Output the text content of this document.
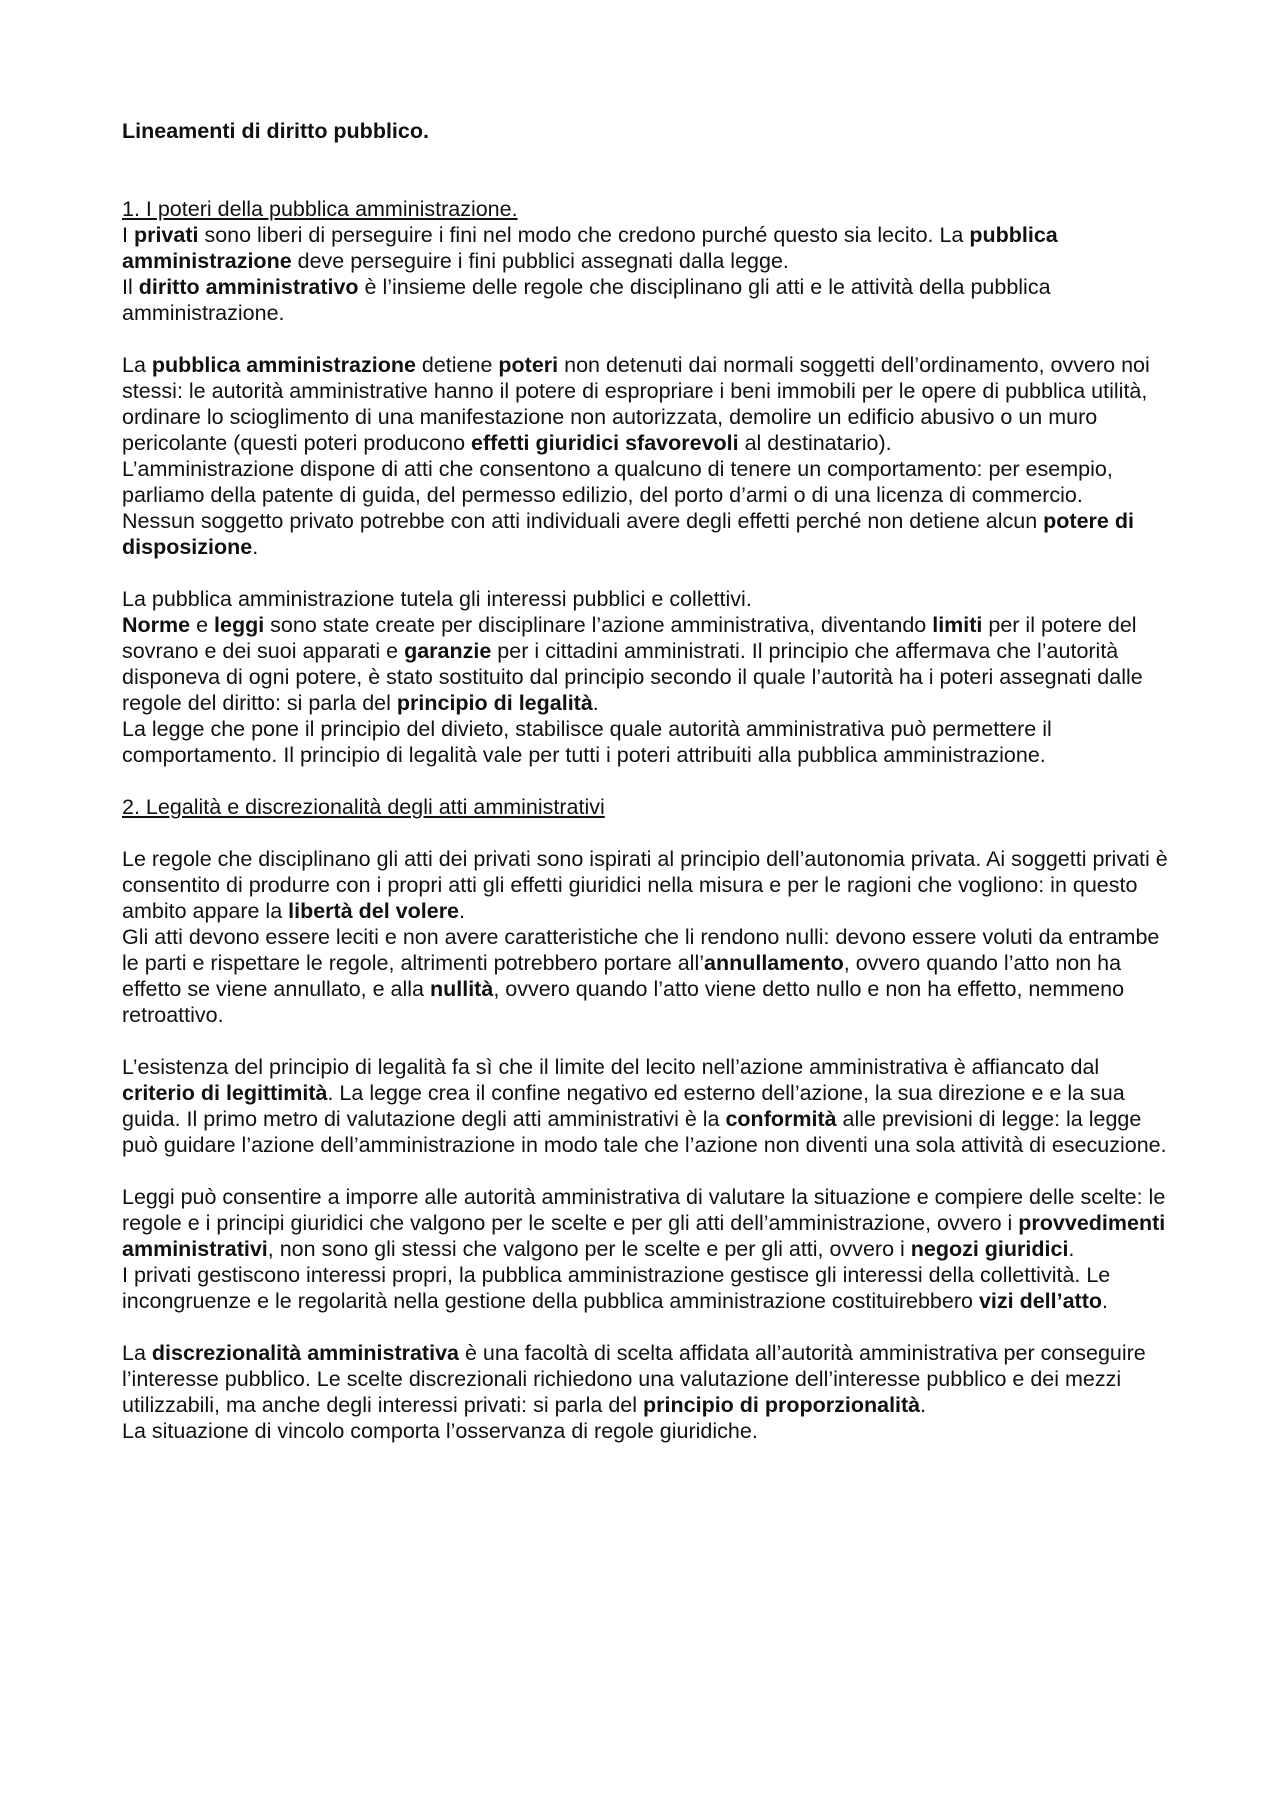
Lineamenti di diritto pubblico.
1. I poteri della pubblica amministrazione.

I privati sono liberi di perseguire i fini nel modo che credono purché questo sia lecito. La pubblica amministrazione deve perseguire i fini pubblici assegnati dalla legge.

Il diritto amministrativo è l’insieme delle regole che disciplinano gli atti e le attività della pubblica amministrazione.

La pubblica amministrazione detiene poteri non detenuti dai normali soggetti dell’ordinamento, ovvero noi stessi: le autorità amministrative hanno il potere di espropriare i beni immobili per le opere di pubblica utilità, ordinare lo scioglimento di una manifestazione non autorizzata, demolire un edificio abusivo o un muro pericolante (questi poteri producono effetti giuridici sfavorevoli al destinatario).

L’amministrazione dispone di atti che consentono a qualcuno di tenere un comportamento: per esempio, parliamo della patente di guida, del permesso edilizio, del porto d’armi o di una licenza di commercio.

Nessun soggetto privato potrebbe con atti individuali avere degli effetti perché non detiene alcun potere di disposizione.

La pubblica amministrazione tutela gli interessi pubblici e collettivi.

Norme e leggi sono state create per disciplinare l’azione amministrativa, diventando limiti per il potere del sovrano e dei suoi apparati e garanzie per i cittadini amministrati. Il principio che affermava che l’autorità disponeva di ogni potere, è stato sostituito dal principio secondo il quale l’autorità ha i poteri assegnati dalle regole del diritto: si parla del principio di legalità.

La legge che pone il principio del divieto, stabilisce quale autorità amministrativa può permettere il comportamento. Il principio di legalità vale per tutti i poteri attribuiti alla pubblica amministrazione.

2. Legalità e discrezionalità degli atti amministrativi

Le regole che disciplinano gli atti dei privati sono ispirati al principio dell’autonomia privata. Ai soggetti privati è consentito di produrre con i propri atti gli effetti giuridici nella misura e per le ragioni che vogliono: in questo ambito appare la libertà del volere.

Gli atti devono essere leciti e non avere caratteristiche che li rendono nulli: devono essere voluti da entrambe le parti e rispettare le regole, altrimenti potrebbero portare all’annullamento, ovvero quando l’atto non ha effetto se viene annullato, e alla nullità, ovvero quando l’atto viene detto nullo e non ha effetto, nemmeno retroattivo.

L’esistenza del principio di legalità fa sì che il limite del lecito nell’azione amministrativa è affiancato dal criterio di legittimità. La legge crea il confine negativo ed esterno dell’azione, la sua direzione e e la sua guida. Il primo metro di valutazione degli atti amministrativi è la conformità alle previsioni di legge: la legge può guidare l’azione dell’amministrazione in modo tale che l’azione non diventi una sola attività di esecuzione.

Leggi può consentire a imporre alle autorità amministrativa di valutare la situazione e compiere delle scelte: le regole e i principi giuridici che valgono per le scelte e per gli atti dell’amministrazione, ovvero i provvedimenti amministrativi, non sono gli stessi che valgono per le scelte e per gli atti, ovvero i negozi giuridici.

I privati gestiscono interessi propri, la pubblica amministrazione gestisce gli interessi della collettività. Le incongruenze e le regolarità nella gestione della pubblica amministrazione costituirebbero vizi dell’atto.

La discrezionalità amministrativa è una facoltà di scelta affidata all’autorità amministrativa per conseguire l’interesse pubblico. Le scelte discrezionali richiedono una valutazione dell’interesse pubblico e dei mezzi utilizzabili, ma anche degli interessi privati: si parla del principio di proporzionalità.

La situazione di vincolo comporta l’osservanza di regole giuridiche.
